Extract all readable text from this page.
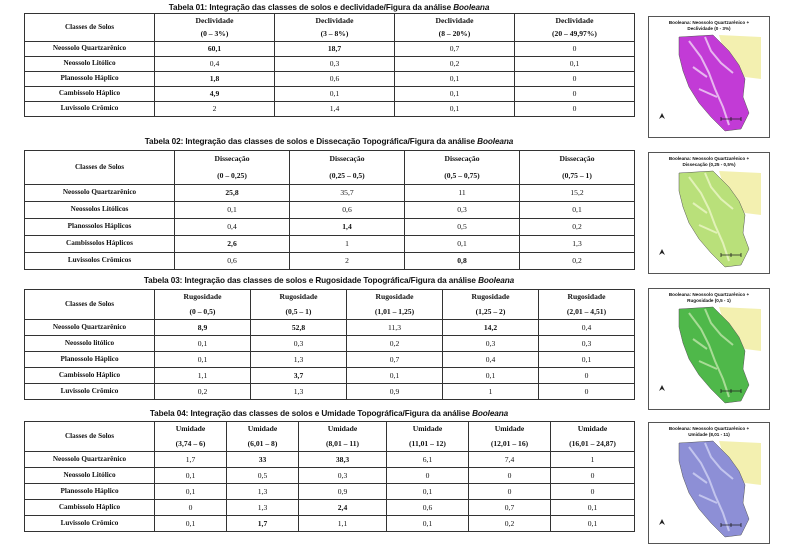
Tabela 01: Integração das classes de solos e declividade/Figura da análise Booleana
Classes de Solos	Declividade	Declividade	Declividade	Declividade
	(0 – 3%)	(3 – 8%)	(8 – 20%)	(20 – 49,97%)
Neossolo Quartzarênico	60,1	18,7	0,7	0
Neossolo Litólico	0,4	0,3	0,2	0,1
Planossolo Háplico	1,8	0,6	0,1	0
Cambissolo Háplico	4,9	0,1	0,1	0
Luvissolo Crômico	2	1,4	0,1	0
Tabela 02: Integração das classes de solos e Dissecação Topográfica/Figura da análise Booleana
Classes de Solos	Dissecação	Dissecação	Dissecação	Dissecação
	(0 – 0,25)	(0,25 – 0,5)	(0,5 – 0,75)	(0,75 – 1)
Neossolo Quartzarênico	25,8	35,7	11	15,2
Neossolos Litólicos	0,1	0,6	0,3	0,1
Planossolos Háplicos	0,4	1,4	0,5	0,2
Cambissolos Háplicos	2,6	1	0,1	1,3
Luvissolos Crômicos	0,6	2	0,8	0,2
Tabela 03: Integração das classes de solos e Rugosidade Topográfica/Figura da análise Booleana
Classes de Solos	Rugosidade	Rugosidade	Rugosidade	Rugosidade	Rugosidade
	(0 – 0,5)	(0,5 – 1)	(1,01 – 1,25)	(1,25 – 2)	(2,01 – 4,51)
Neossolo Quartzarênico	8,9	52,8	11,3	14,2	0,4
Neossolo litólico	0,1	0,3	0,2	0,3	0,3
Planossolo Háplico	0,1	1,3	0,7	0,4	0,1
Cambissolo Háplico	1,1	3,7	0,1	0,1	0
Luvissolo Crômico	0,2	1,3	0,9	1	0
Tabela 04: Integração das classes de solos e Umidade Topográfica/Figura da análise Booleana
Classes de Solos	Umidade	Umidade	Umidade	Umidade	Umidade	Umidade
	(3,74 – 6)	(6,01 – 8)	(8,01 – 11)	(11,01 – 12)	(12,01 – 16)	(16,01 – 24,87)
Neossolo Quartzarênico	1,7	33	38,3	6,1	7,4	1
Neossolo Litólico	0,1	0,5	0,3	0	0	0
Planossolo Háplico	0,1	1,3	0,9	0,1	0	0
Cambissolo Háplico	0	1,3	2,4	0,6	0,7	0,1
Luvissolo Crômico	0,1	1,7	1,1	0,1	0,2	0,1
Booleana: Neossolo Quartzarênico + Declividade (0 - 3%)
Booleana: Neossolo Quartzarênico + Dissecação (0,25 - 0,5%)
Booleana: Neossolo Quartzarênico + Rugosidade (0,5 - 1)
Booleana: Neossolo Quartzarênico + Umidade (8,01 - 11)
